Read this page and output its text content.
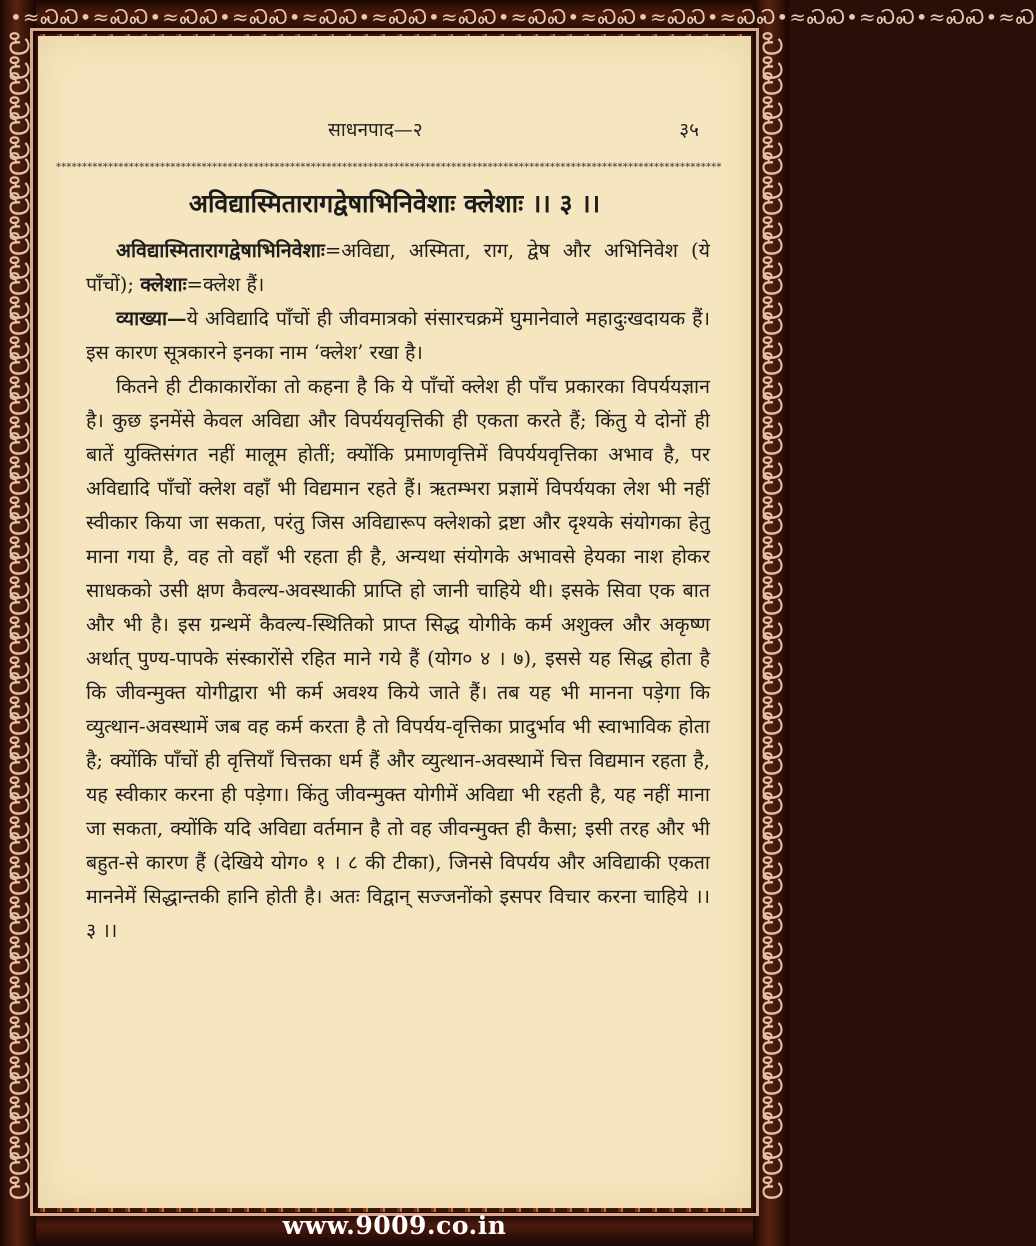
•≈ᏍᏍ•≈ᏍᏍ•≈ᏍᏍ•≈ᏍᏍ•≈ᏍᏍ•≈ᏍᏍ•≈ᏍᏍ•≈ᏍᏍ•≈ᏍᏍ•≈ᏍᏍ•≈ᏍᏍ•≈ᏍᏍ•≈ᏍᏍ•≈ᏍᏍ•≈Ꮝ
ᏍᏍ
ᏍᏍ
ᏍᏍ
ᏍᏍ
ᏍᏍ
ᏍᏍ
ᏍᏍ
ᏍᏍ
ᏍᏍ
ᏍᏍ
ᏍᏍ
ᏍᏍ
ᏍᏍ
ᏍᏍ
ᏍᏍ
ᏍᏍ
ᏍᏍ
ᏍᏍ
ᏍᏍ
ᏍᏍ
ᏍᏍ
ᏍᏍ
ᏍᏍ
ᏍᏍ
ᏍᏍ
ᏍᏍ
ᏍᏍ
ᏍᏍ
ᏍᏍ
ᏍᏍ
ᏍᏍ
ᏍᏍ
ᏍᏍ
ᏍᏍ
ᏍᏍ
ᏍᏍ
ᏍᏍ
ᏍᏍ
ᏍᏍ
ᏍᏍ
ᏍᏍ
ᏍᏍ
ᏍᏍ
ᏍᏍ
ᏍᏍ
ᏍᏍ
ᏍᏍ
ᏍᏍ
ᏍᏍ
ᏍᏍ
ᏍᏍ
ᏍᏍ
ᏍᏍ
ᏍᏍ
ᏍᏍ
ᏍᏍ
ᏍᏍ
ᏍᏍ
साधनपाद—२	३५
********************************************************************************************************************************
अविद्यास्मितारागद्वेषाभिनिवेशाः क्लेशाः ।। ३ ।।

अविद्यास्मितारागद्वेषाभिनिवेशाः=अविद्या, अस्मिता, राग, द्वेष और अभिनिवेश (ये पाँचों); क्लेशाः=क्लेश हैं।

व्याख्या—ये अविद्यादि पाँचों ही जीवमात्रको संसारचक्रमें घुमानेवाले महादुःखदायक हैं। इस कारण सूत्रकारने इनका नाम ‘क्लेश’ रखा है।

कितने ही टीकाकारोंका तो कहना है कि ये पाँचों क्लेश ही पाँच प्रकारका विपर्ययज्ञान है। कुछ इनमेंसे केवल अविद्या और विपर्ययवृत्तिकी ही एकता करते हैं; किंतु ये दोनों ही बातें युक्तिसंगत नहीं मालूम होतीं; क्योंकि प्रमाणवृत्तिमें विपर्ययवृत्तिका अभाव है, पर अविद्यादि पाँचों क्लेश वहाँ भी विद्यमान रहते हैं। ऋतम्भरा प्रज्ञामें विपर्ययका लेश भी नहीं स्वीकार किया जा सकता, परंतु जिस अविद्यारूप क्लेशको द्रष्टा और दृश्यके संयोगका हेतु माना गया है, वह तो वहाँ भी रहता ही है, अन्यथा संयोगके अभावसे हेयका नाश होकर साधकको उसी क्षण कैवल्य-अवस्थाकी प्राप्ति हो जानी चाहिये थी। इसके सिवा एक बात और भी है। इस ग्रन्थमें कैवल्य-स्थितिको प्राप्त सिद्ध योगीके कर्म अशुक्ल और अकृष्ण अर्थात् पुण्य-पापके संस्कारोंसे रहित माने गये हैं (योग० ४ । ७), इससे यह सिद्ध होता है कि जीवन्मुक्त योगीद्वारा भी कर्म अवश्य किये जाते हैं। तब यह भी मानना पड़ेगा कि व्युत्थान-अवस्थामें जब वह कर्म करता है तो विपर्यय-वृत्तिका प्रादुर्भाव भी स्वाभाविक होता है; क्योंकि पाँचों ही वृत्तियाँ चित्तका धर्म हैं और व्युत्थान-अवस्थामें चित्त विद्यमान रहता है, यह स्वीकार करना ही पड़ेगा। किंतु जीवन्मुक्त योगीमें अविद्या भी रहती है, यह नहीं माना जा सकता, क्योंकि यदि अविद्या वर्तमान है तो वह जीवन्मुक्त ही कैसा; इसी तरह और भी बहुत-से कारण हैं (देखिये योग० १ । ८ की टीका), जिनसे विपर्यय और अविद्याकी एकता माननेमें सिद्धान्तकी हानि होती है। अतः विद्वान् सज्जनोंको इसपर विचार करना चाहिये ।। ३ ।।

www.9009.co.in
